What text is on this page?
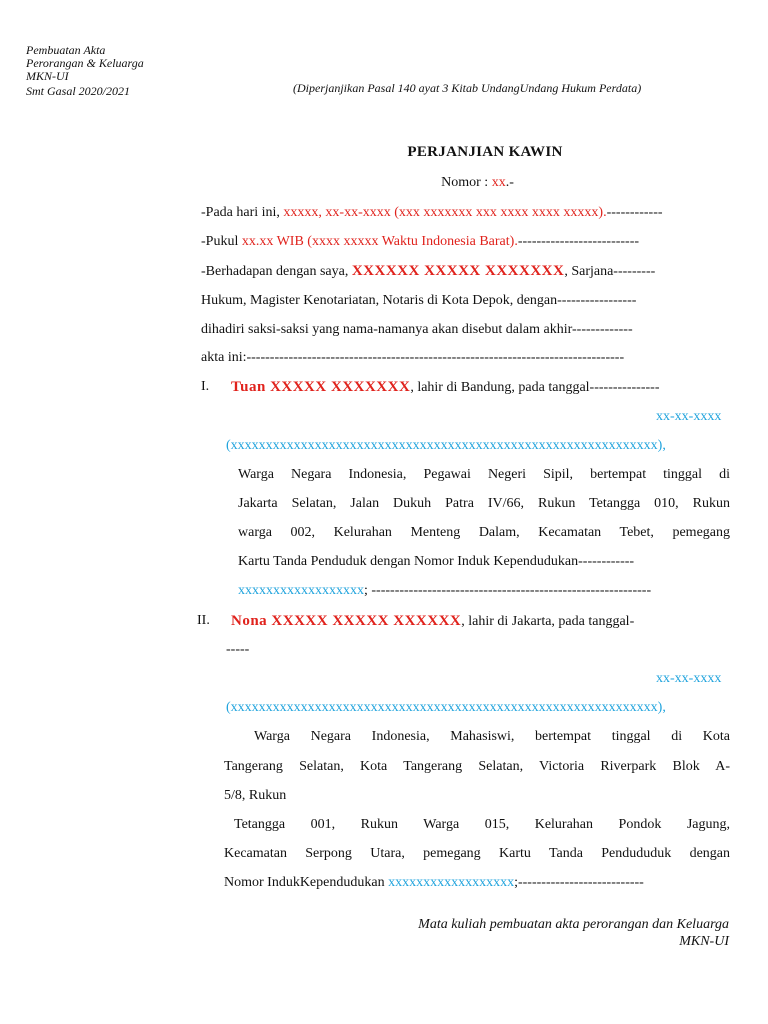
Pembuatan Akta
Perorangan & Keluarga
MKN-UI
Smt Gasal 2020/2021	(Diperjanjikan Pasal 140 ayat 3 Kitab UndangUndang Hukum Perdata)
PERJANJIAN KAWIN
Nomor : xx.-
-Pada hari ini, xxxxx, xx-xx-xxxx (xxx xxxxxxx xxx xxxx xxxx xxxxx).------------
-Pukul xx.xx WIB (xxxx xxxxx Waktu Indonesia Barat).--------------------------
-Berhadapan dengan saya, XXXXXX XXXXX XXXXXXX, Sarjana---------
Hukum, Magister Kenotariatan, Notaris di Kota Depok, dengan-----------------
dihadiri saksi-saksi yang nama-namanya akan disebut dalam akhir-------------
akta ini:---------------------------------------------------------------------------------
I. Tuan XXXXX XXXXXXX, lahir di Bandung, pada tanggal---------------
xx-xx-xxxx
(xxxxxxxxxxxxxxxxxxxxxxxxxxxxxxxxxxxxxxxxxxxxxxxxxxxxxxxxxxxxx),
Warga Negara Indonesia, Pegawai Negeri Sipil, bertempat tinggal di
Jakarta Selatan, Jalan Dukuh Patra IV/66, Rukun Tetangga 010, Rukun
warga 002, Kelurahan Menteng Dalam, Kecamatan Tebet, pemegang
Kartu Tanda Penduduk dengan Nomor Induk Kependudukan------------
xxxxxxxxxxxxxxxxxx; ------------------------------------------------------------
II. Nona XXXXX XXXXX XXXXXX, lahir di Jakarta, pada tanggal-
-----
xx-xx-xxxx
(xxxxxxxxxxxxxxxxxxxxxxxxxxxxxxxxxxxxxxxxxxxxxxxxxxxxxxxxxxxxx),
Warga Negara Indonesia, Mahasiswi, bertempat tinggal di Kota
Tangerang Selatan, Kota Tangerang Selatan, Victoria Riverpark Blok A-
5/8, Rukun
Tetangga 001, Rukun Warga 015, Kelurahan Pondok Jagung,
Kecamatan Serpong Utara, pemegang Kartu Tanda Pendududuk dengan
Nomor IndukKependudukan xxxxxxxxxxxxxxxxxx;---------------------------
Mata kuliah pembuatan akta perorangan dan Keluarga
MKN-UI
